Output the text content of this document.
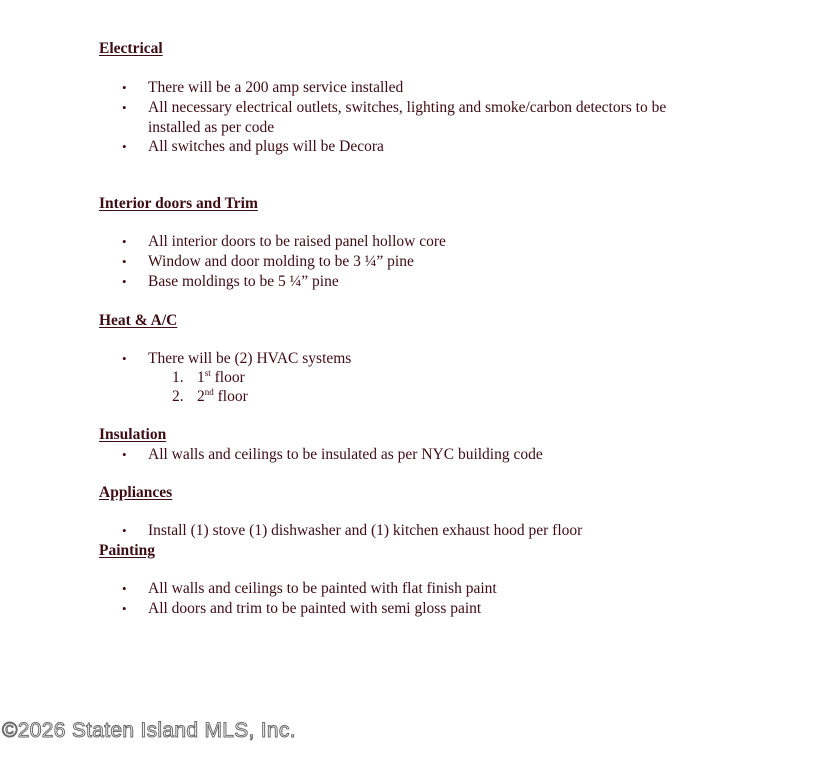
Electrical
•	There will be a 200 amp service installed
•	All necessary electrical outlets, switches, lighting and smoke/carbon detectors to be installed as per code
•	All switches and plugs will be Decora
Interior doors and Trim
•	All interior doors to be raised panel hollow core
•	Window and door molding to be 3 ¼” pine
•	Base moldings to be 5 ¼” pine
Heat & A/C
•	There will be (2) HVAC systems
1. 1st floor
2. 2nd floor
Insulation
•	All walls and ceilings to be insulated as per NYC building code
Appliances
•	Install (1) stove (1) dishwasher and (1) kitchen exhaust hood per floor
Painting
•	All walls and ceilings to be painted with flat finish paint
•	All doors and trim to be painted with semi gloss paint
©2026 Staten Island MLS, Inc.
